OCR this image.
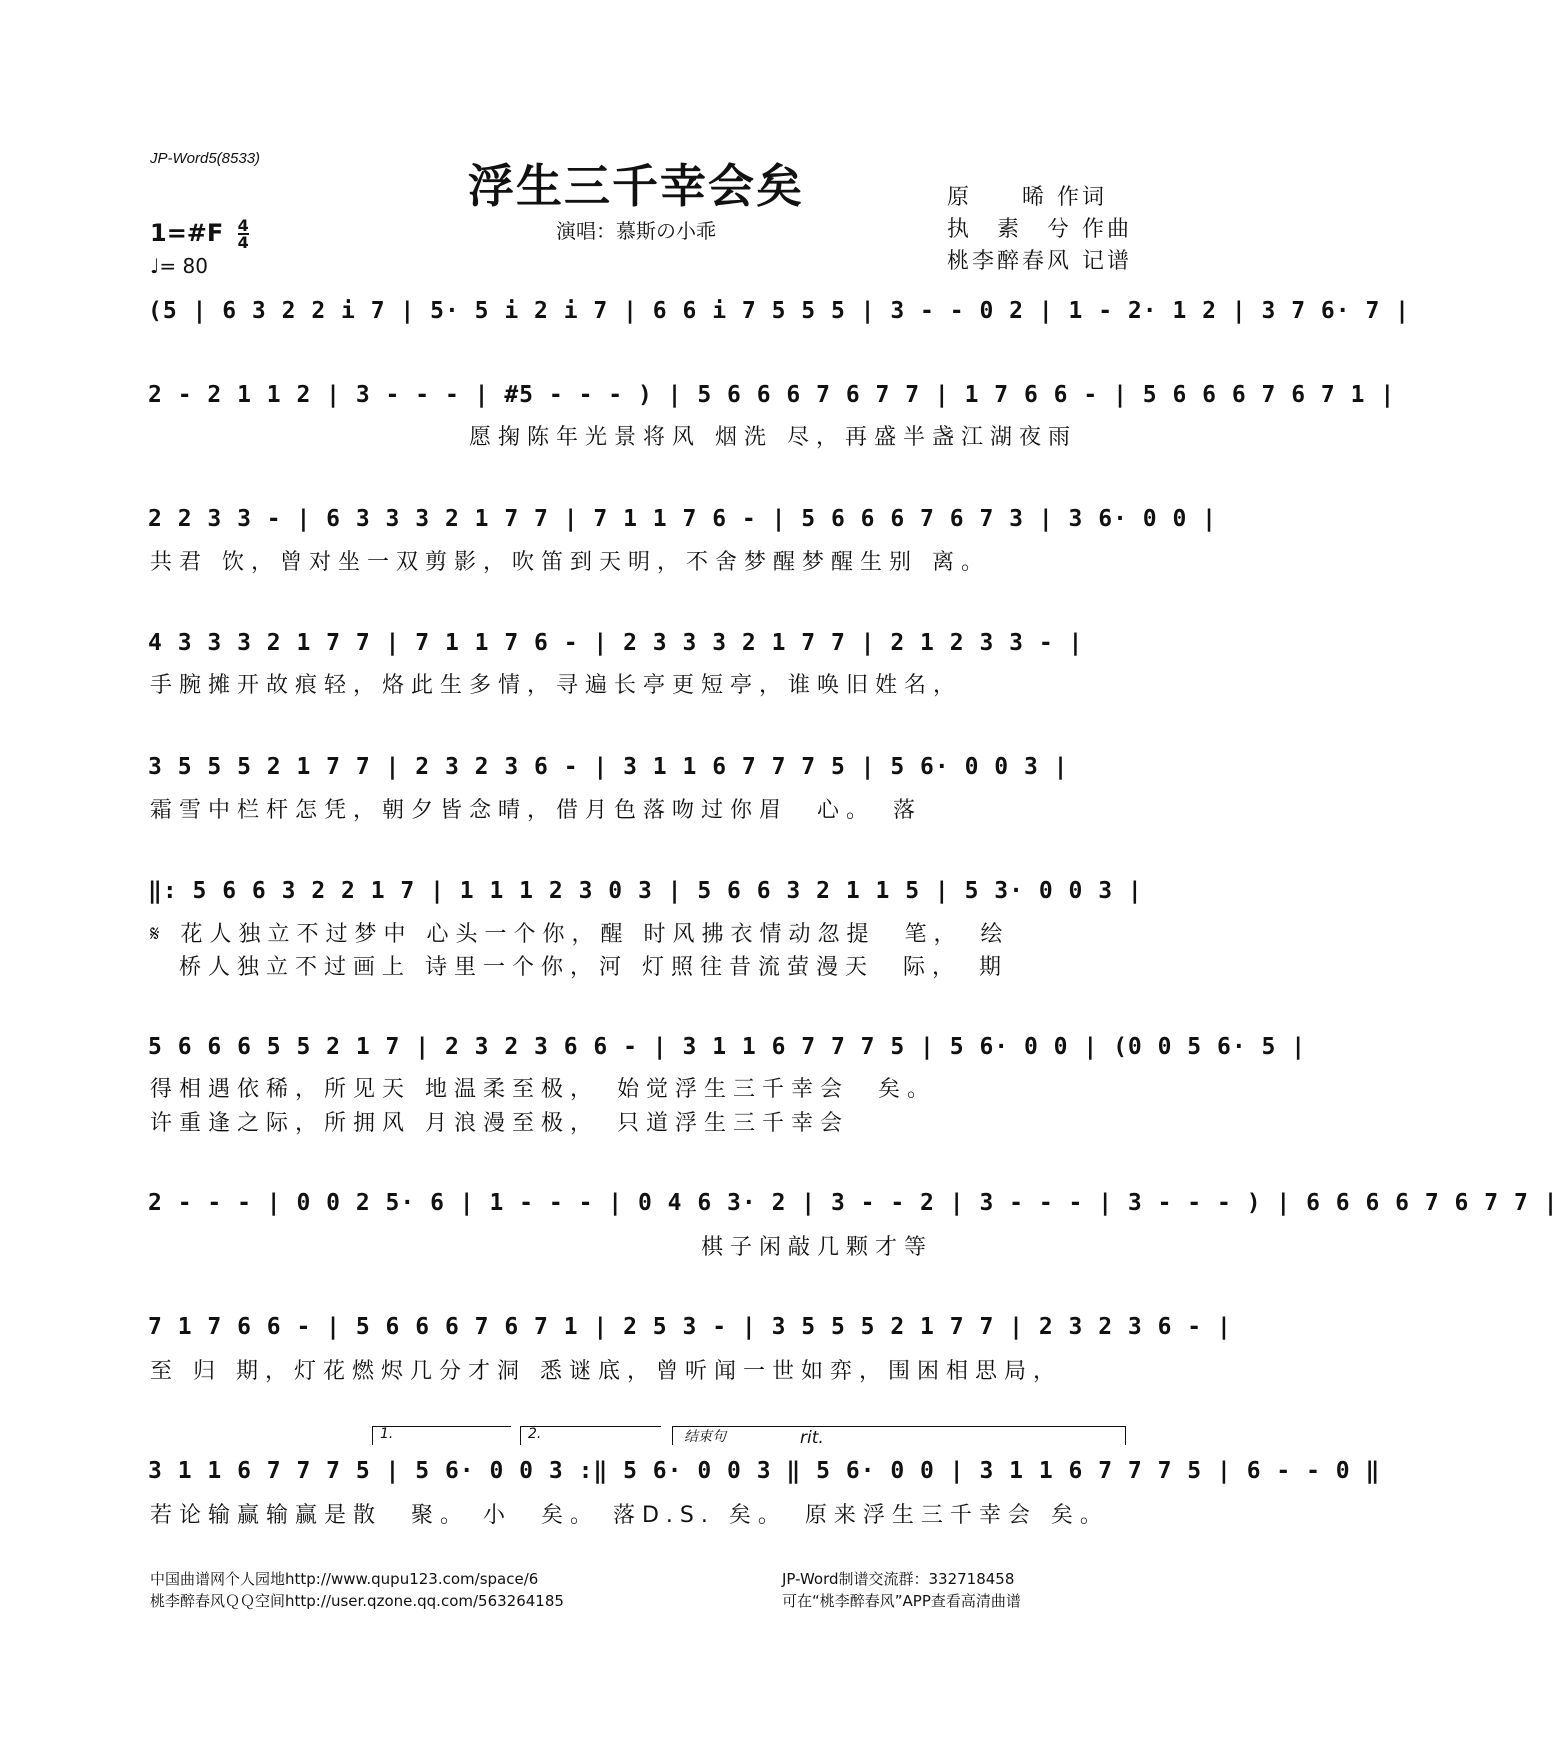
JP-Word5(8533)
浮生三千幸会矣
演唱：慕斯の小乖
原　　晞 作词
执　素　兮 作曲
桃李醉春风 记谱
1=#F $\frac{4}{4}$
♩= 80
(5 | 6 3 2 2 i 7 | 5· 5 i 2 i 7 | 6 6 i 7 5 5 5 | 3 - - 0 2 | 1 - 2· 1 2 | 3 7 6· 7 |
2 - 2 1 1 2 | 3 - - - | #5 - - - ) | 5 6 6 6 7 6 7 7 | 1 7 6 6 - | 5 6 6 6 7 6 7 1 |
　　　　　　　　　　　愿掬陈年光景将风 烟洗 尽，再盛半盏江湖夜雨
2 2 3 3 - | 6 3 3 3 2 1 7 7 | 7 1 1 7 6 - | 5 6 6 6 7 6 7 3 | 3 6· 0 0 |
共君 饮，曾对坐一双剪影，吹笛到天明，不舍梦醒梦醒生别 离。
4 3 3 3 2 1 7 7 | 7 1 1 7 6 - | 2 3 3 3 2 1 7 7 | 2 1 2 3 3 - |
手腕摊开故痕轻，烙此生多情，寻遍长亭更短亭，谁唤旧姓名，
3 5 5 5 2 1 7 7 | 2 3 2 3 6 - | 3 1 1 6 7 7 7 5 | 5 6· 0 0 3 |
霜雪中栏杆怎凭，朝夕皆念晴，借月色落吻过你眉　心。　落
‖: 5 6 6 3 2 2 1 7 | 1 1 1 2 3 0 3 | 5 6 6 3 2 1 1 5 | 5 3· 0 0 3 |
𝄋 花人独立不过梦中 心头一个你，醒 时风拂衣情动忽提　笔，　绘
　桥人独立不过画上 诗里一个你，河 灯照往昔流萤漫天　际，　期
5 6 6 6 5 5 2 1 7 | 2 3 2 3 6 6 - | 3 1 1 6 7 7 7 5 | 5 6· 0 0 | (0 0 5 6· 5 |
得相遇依稀，所见天 地温柔至极，　始觉浮生三千幸会　矣。
许重逢之际，所拥风 月浪漫至极，　只道浮生三千幸会
2 - - - | 0 0 2 5· 6 | 1 - - - | 0 4 6 3· 2 | 3 - - 2 | 3 - - - | 3 - - - ) | 6 6 6 6 7 6 7 7 |
　　　　　　　　　　　　　　　　　　　棋子闲敲几颗才等
7 1 7 6 6 - | 5 6 6 6 7 6 7 1 | 2 5 3 - | 3 5 5 5 2 1 7 7 | 2 3 2 3 6 - |
至 归 期，灯花燃烬几分才洞 悉谜底，曾听闻一世如弈，围困相思局，
1.	2.	结束句	rit.
3 1 1 6 7 7 7 5 | 5 6· 0 0 3 :‖ 5 6· 0 0 3 ‖ 5 6· 0 0 | 3 1 1 6 7 7 7 5 | 6 - - 0 ‖
若论输赢输赢是散　聚。 小　矣。 落D.S. 矣。　原来浮生三千幸会 矣。
中国曲谱网个人园地http://www.qupu123.com/space/6
桃李醉春风ＱＱ空间http://user.qzone.qq.com/563264185
JP-Word制谱交流群：332718458
可在“桃李醉春风”APP查看高清曲谱
